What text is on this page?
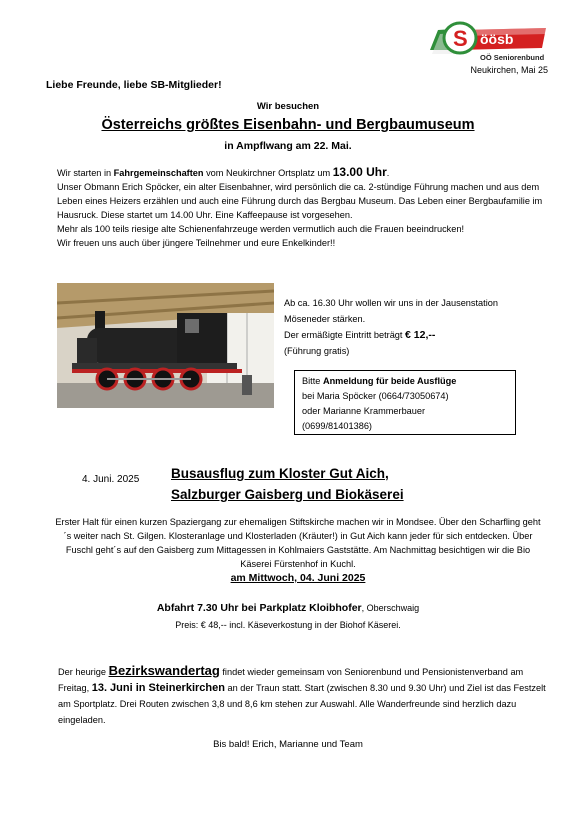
S öösb
OÖ Seniorenbund
Neukirchen, Mai 25
Liebe Freunde, liebe SB-Mitglieder!
Wir besuchen
Österreichs größtes Eisenbahn- und Bergbaumuseum
in Ampflwang am 22. Mai.

Wir starten in Fahrgemeinschaften vom Neukirchner Ortsplatz um 13.00 Uhr.

Unser Obmann Erich Spöcker, ein alter Eisenbahner, wird persönlich die ca. 2-stündige Führung machen und aus dem Leben eines Heizers erzählen und auch eine Führung durch das Bergbau Museum. Das Leben einer Bergbaufamilie im Hausruck. Diese startet um 14.00 Uhr. Eine Kaffeepause ist vorgesehen.

Mehr als 100 teils riesige alte Schienenfahrzeuge werden vermutlich auch die Frauen beeindrucken!

Wir freuen uns auch über jüngere Teilnehmer und eure Enkelkinder!!

Ab ca. 16.30 Uhr wollen wir uns in der Jausenstation Möseneder stärken.

Der ermäßigte Eintritt beträgt € 12,--

(Führung gratis)

Bitte Anmeldung für beide Ausflüge
bei Maria Spöcker (0664/73050674)
oder Marianne Krammerbauer
(0699/81401386)
4. Juni. 2025 Busausflug zum Kloster Gut Aich,
Salzburger Gaisberg und Biokäserei
Erster Halt für einen kurzen Spaziergang zur ehemaligen Stiftskirche machen wir in Mondsee. Über den Scharfling geht´s weiter nach St. Gilgen. Klosteranlage und Klosterladen (Kräuter!) in Gut Aich kann jeder für sich entdecken. Über Fuschl geht´s auf den Gaisberg zum Mittagessen in Kohlmaiers Gaststätte. Am Nachmittag besichtigen wir die Bio Käserei Fürstenhof in Kuchl.
am Mittwoch, 04. Juni 2025
Abfahrt 7.30 Uhr bei Parkplatz Kloibhofer, Oberschwaig
Preis: € 48,-- incl. Käseverkostung in der Biohof Käserei.
Der heurige Bezirkswandertag findet wieder gemeinsam von Seniorenbund und Pensionistenverband am Freitag, 13. Juni in Steinerkirchen an der Traun statt. Start (zwischen 8.30 und 9.30 Uhr) und Ziel ist das Festzelt am Sportplatz. Drei Routen zwischen 3,8 und 8,6 km stehen zur Auswahl. Alle Wanderfreunde sind herzlich dazu eingeladen.
Bis bald! Erich, Marianne und Team
